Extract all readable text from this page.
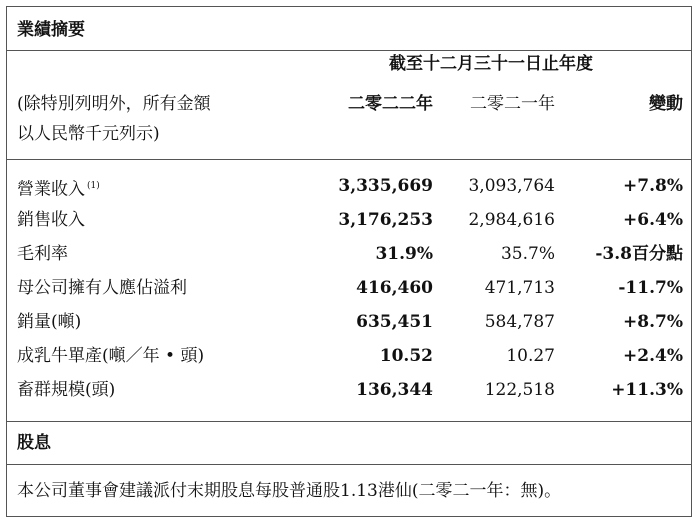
業績摘要
截至十二月三十一日止年度
(除特別列明外，所有金額
以人民幣千元列示)
二零二二年 二零二一年	變動
營業收入 $^{(1)}$	3,335,669 3,093,764	+7.8%
銷售收入	3,176,253 2,984,616	+6.4%
毛利率	31.9%	35.7% -3.8百分點
母公司擁有人應佔溢利	416,460	471,713	-11.7%
銷量(噸)	635,451	584,787	+8.7%
成乳牛單產(噸／年 • 頭)	10.52	10.27	+2.4%
畜群規模(頭)	136,344	122,518	+11.3%
股息
本公司董事會建議派付末期股息每股普通股1.13港仙(二零二一年：無)。
